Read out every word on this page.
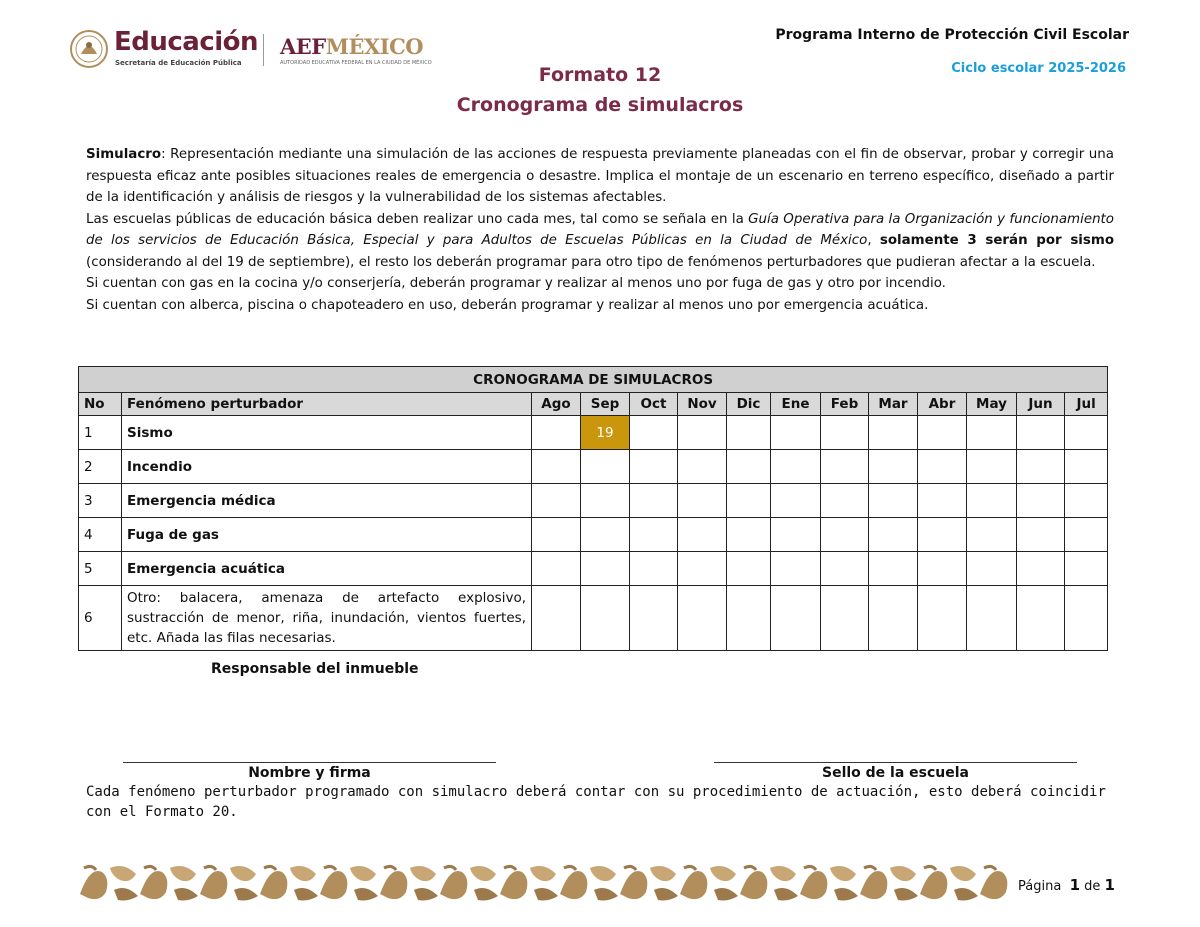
Educación
Secretaría de Educación Pública
AEFMÉXICO
AUTORIDAD EDUCATIVA FEDERAL EN LA CIUDAD DE MÉXICO
Programa Interno de Protección Civil Escolar
Ciclo escolar 2025-2026
Formato 12
Cronograma de simulacros

Simulacro: Representación mediante una simulación de las acciones de respuesta previamente planeadas con el fin de observar, probar y corregir una respuesta eficaz ante posibles situaciones reales de emergencia o desastre. Implica el montaje de un escenario en terreno específico, diseñado a partir de la identificación y análisis de riesgos y la vulnerabilidad de los sistemas afectables.

Las escuelas públicas de educación básica deben realizar uno cada mes, tal como se señala en la Guía Operativa para la Organización y funcionamiento de los servicios de Educación Básica, Especial y para Adultos de Escuelas Públicas en la Ciudad de México, solamente 3 serán por sismo (considerando al del 19 de septiembre), el resto los deberán programar para otro tipo de fenómenos perturbadores que pudieran afectar a la escuela.

Si cuentan con gas en la cocina y/o conserjería, deberán programar y realizar al menos uno por fuga de gas y otro por incendio.

Si cuentan con alberca, piscina o chapoteadero en uso, deberán programar y realizar al menos uno por emergencia acuática.

CRONOGRAMA DE SIMULACROS													
No	Fenómeno perturbador	Ago	Sep	Oct	Nov	Dic	Ene	Feb	Mar	Abr	May	Jun	Jul
1	Sismo		19										
2	Incendio												
3	Emergencia médica												
4	Fuga de gas												
5	Emergencia acuática												
6	Otro: balacera, amenaza de artefacto explosivo, sustracción de menor, riña, inundación, vientos fuertes, etc. Añada las filas necesarias.												
Responsable del inmueble
Nombre y firma	Sello de la escuela
Cada fenómeno perturbador programado con simulacro deberá contar con su procedimiento de actuación, esto deberá coincidir con el Formato 20.
Página 1 de 1
